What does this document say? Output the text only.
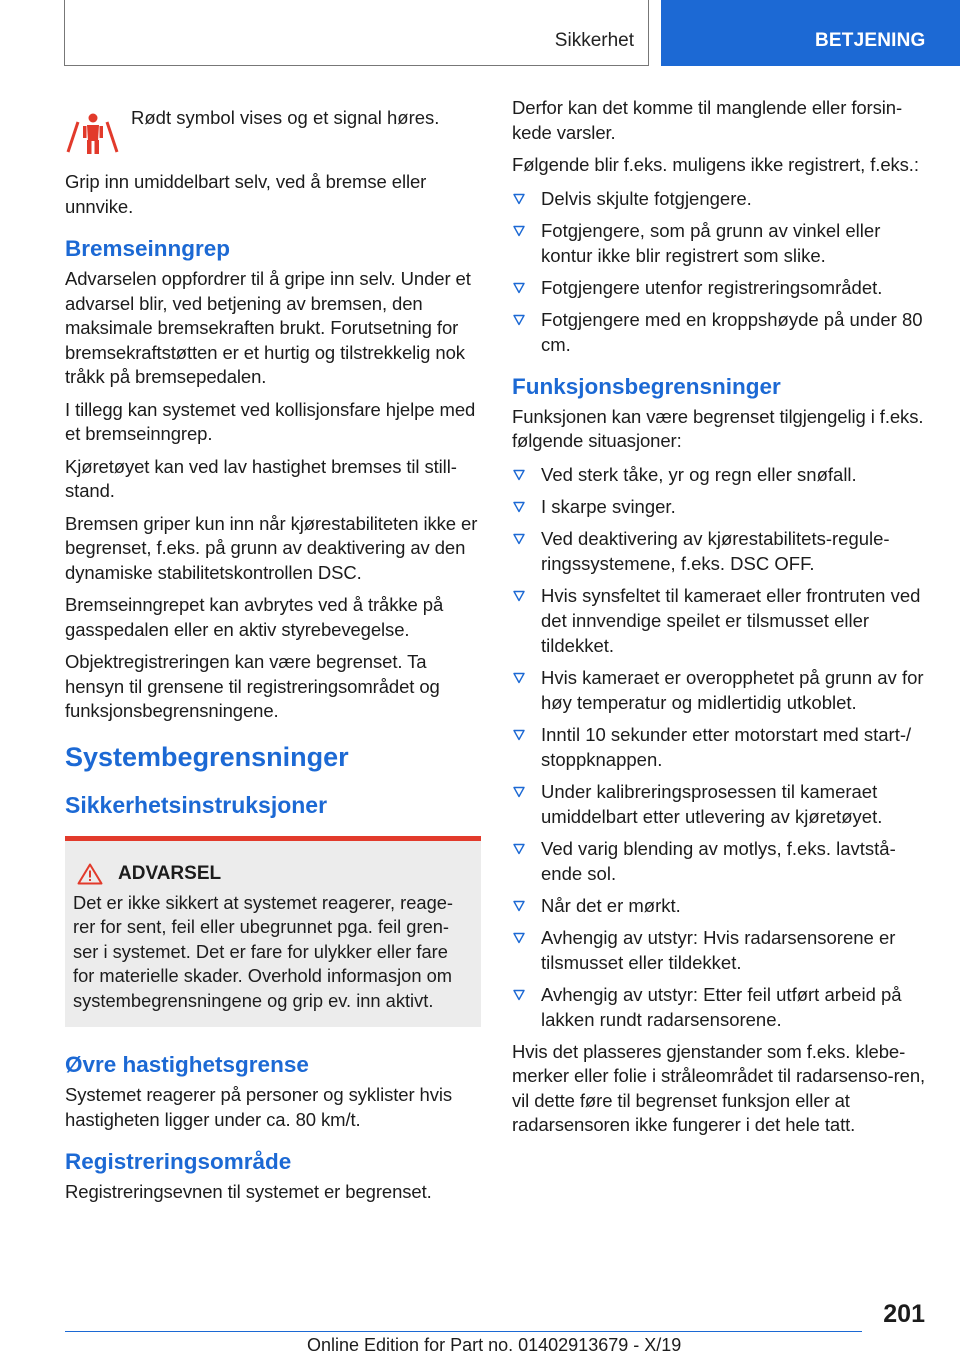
Sikkerhet	BETJENING
Rødt symbol vises og et signal høres.

Grip inn umiddelbart selv, ved å bremse eller unnvike.

Bremseinngrep

Advarselen oppfordrer til å gripe inn selv. Under et advarsel blir, ved betjening av bremsen, den maksimale bremsekraften brukt. Forutsetning for bremsekraftstøtten er et hurtig og tilstrekkelig nok tråkk på bremsepedalen.

I tillegg kan systemet ved kollisjonsfare hjelpe med et bremseinngrep.

Kjøretøyet kan ved lav hastighet bremses til still-stand.

Bremsen griper kun inn når kjørestabiliteten ikke er begrenset, f.eks. på grunn av deaktivering av den dynamiske stabilitetskontrollen DSC.

Bremseinngrepet kan avbrytes ved å tråkke på gasspedalen eller en aktiv styrebevegelse.

Objektregistreringen kan være begrenset. Ta hensyn til grensene til registreringsområdet og funksjonsbegrensningene.

Systembegrensninger
Sikkerhetsinstruksjoner
ADVARSEL
Det er ikke sikkert at systemet reagerer, reage-rer for sent, feil eller ubegrunnet pga. feil gren-ser i systemet. Det er fare for ulykker eller fare for materielle skader. Overhold informasjon om systembegrensningene og grip ev. inn aktivt.
Øvre hastighetsgrense

Systemet reagerer på personer og syklister hvis hastigheten ligger under ca. 80 km/t.

Registreringsområde

Registreringsevnen til systemet er begrenset.

Derfor kan det komme til manglende eller forsin-kede varsler.

Følgende blir f.eks. muligens ikke registrert, f.eks.:

Delvis skjulte fotgjengere.
Fotgjengere, som på grunn av vinkel eller kontur ikke blir registrert som slike.
Fotgjengere utenfor registreringsområdet.
Fotgjengere med en kroppshøyde på under 80 cm.
Funksjonsbegrensninger

Funksjonen kan være begrenset tilgjengelig i f.eks. følgende situasjoner:

Ved sterk tåke, yr og regn eller snøfall.
I skarpe svinger.
Ved deaktivering av kjørestabilitets-regule-ringssystemene, f.eks. DSC OFF.
Hvis synsfeltet til kameraet eller frontruten ved det innvendige speilet er tilsmusset eller tildekket.
Hvis kameraet er overopphetet på grunn av for høy temperatur og midlertidig utkoblet.
Inntil 10 sekunder etter motorstart med start-/ stoppknappen.
Under kalibreringsprosessen til kameraet umiddelbart etter utlevering av kjøretøyet.
Ved varig blending av motlys, f.eks. lavtstå-ende sol.
Når det er mørkt.
Avhengig av utstyr: Hvis radarsensorene er tilsmusset eller tildekket.
Avhengig av utstyr: Etter feil utført arbeid på lakken rundt radarsensorene.

Hvis det plasseres gjenstander som f.eks. klebe-merker eller folie i stråleområdet til radarsenso-ren, vil dette føre til begrenset funksjon eller at radarsensoren ikke fungerer i det hele tatt.

201
Online Edition for Part no. 01402913679 - X/19
